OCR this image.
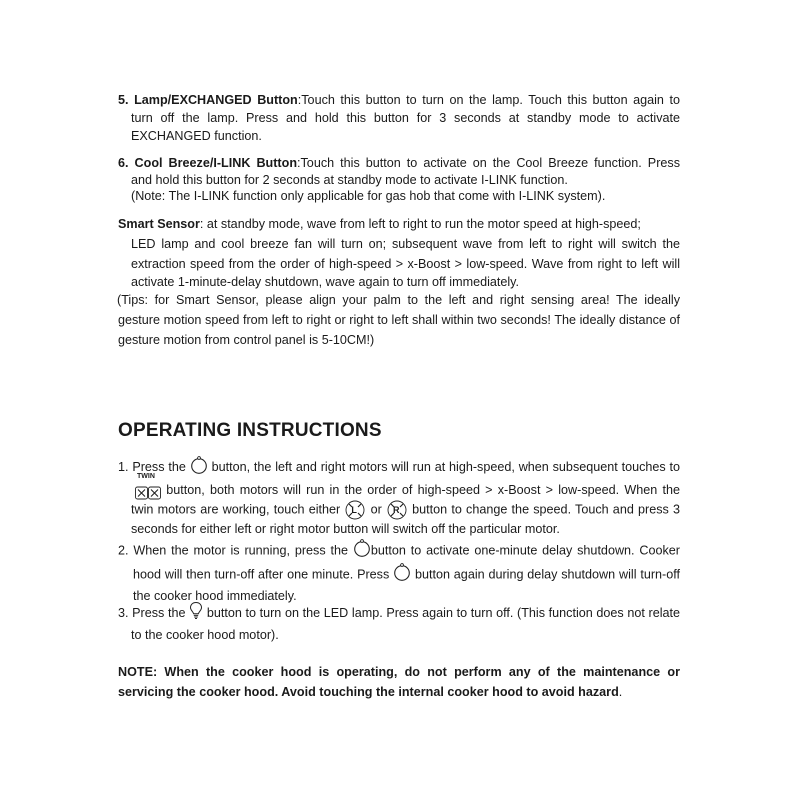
5. Lamp/EXCHANGED Button:Touch this button to turn on the lamp. Touch this button again to
turn off the lamp. Press and hold this button for 3 seconds at standby mode to activate
EXCHANGED function.
6. Cool Breeze/I-LINK Button:Touch this button to activate on the Cool Breeze function. Press
and hold this button for 2 seconds at standby mode to activate I-LINK function.
(Note: The I-LINK function only applicable for gas hob that come with I-LINK system).
Smart Sensor: at standby mode, wave from left to right to run the motor speed at high-speed;
LED lamp and cool breeze fan will turn on; subsequent wave from left to right will switch the
extraction speed from the order of high-speed > x-Boost > low-speed. Wave from right to left will
activate 1-minute-delay shutdown, wave again to turn off immediately.
(Tips: for Smart Sensor, please align your palm to the left and right sensing area! The ideally
gesture motion speed from left to right or right to left shall within two seconds! The ideally distance of
gesture motion from control panel is 5-10CM!)
OPERATING INSTRUCTIONS
1. Press the button, the left and right motors will run at high-speed, when subsequent touches to
TWIN
button, both motors will run in the order of high-speed > x-Boost > low-speed. When the
twin motors are working, touch either L or R button to change the speed. Touch and press 3
seconds for either left or right motor button will switch off the particular motor.
2. When the motor is running, press the button to activate one-minute delay shutdown. Cooker
hood will then turn-off after one minute. Press button again during delay shutdown will turn-off
the cooker hood immediately.
3. Press the button to turn on the LED lamp. Press again to turn off. (This function does not relate
to the cooker hood motor).
NOTE: When the cooker hood is operating, do not perform any of the maintenance or
servicing the cooker hood. Avoid touching the internal cooker hood to avoid hazard.
